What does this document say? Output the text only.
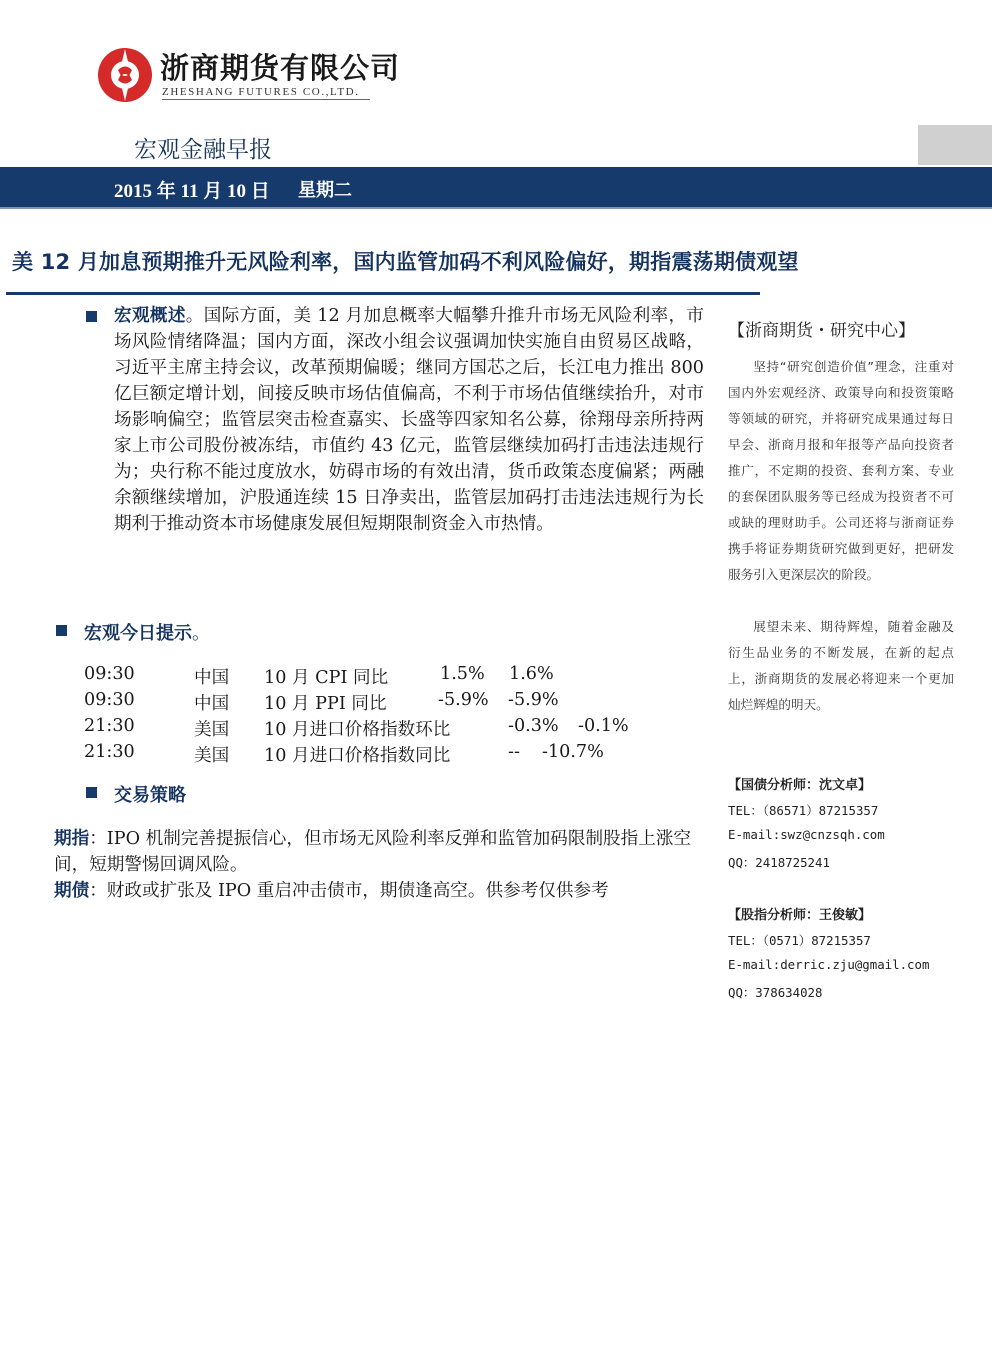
浙商期货有限公司
ZHESHANG FUTURES CO.,LTD.
宏观金融早报
2015 年 11 月 10 日 星期二
美 12 月加息预期推升无风险利率，国内监管加码不利风险偏好，期指震荡期债观望
宏观概述。国际方面，美 12 月加息概率大幅攀升推升市场无风险利率，市场风险情绪降温；国内方面，深改小组会议强调加快实施自由贸易区战略，习近平主席主持会议，改革预期偏暖；继同方国芯之后，长江电力推出 800 亿巨额定增计划，间接反映市场估值偏高，不利于市场估值继续抬升，对市场影响偏空；监管层突击检查嘉实、长盛等四家知名公募，徐翔母亲所持两家上市公司股份被冻结，市值约 43 亿元，监管层继续加码打击违法违规行为；央行称不能过度放水，妨碍市场的有效出清，货币政策态度偏紧；两融余额继续增加，沪股通连续 15 日净卖出，监管层加码打击违法违规行为长期利于推动资本市场健康发展但短期限制资金入市热情。
宏观今日提示。
09:30	中国 10 月 CPI 同比	1.5% 1.6%
09:30	中国 10 月 PPI 同比	-5.9% -5.9%
21:30	美国 10 月进口价格指数环比	-0.3% -0.1%
21:30	美国 10 月进口价格指数同比	-- -10.7%
交易策略
期指：IPO 机制完善提振信心，但市场无风险利率反弹和监管加码限制股指上涨空间，短期警惕回调风险。
期债：财政或扩张及 IPO 重启冲击债市，期债逢高空。供参考仅供参考
【浙商期货・研究中心】
坚持“研究创造价值”理念，注重对国内外宏观经济、政策导向和投资策略等领域的研究，并将研究成果通过每日早会、浙商月报和年报等产品向投资者推广，不定期的投资、套利方案、专业的套保团队服务等已经成为投资者不可或缺的理财助手。公司还将与浙商证券携手将证券期货研究做到更好，把研发服务引入更深层次的阶段。
展望未来、期待辉煌，随着金融及衍生品业务的不断发展，在新的起点上，浙商期货的发展必将迎来一个更加灿烂辉煌的明天。
【国债分析师：沈文卓】
TEL：（86571）87215357
E-mail:swz@cnzsqh.com
QQ：2418725241
【股指分析师：王俊敏】
TEL：（0571）87215357
E-mail:derric.zju@gmail.com
QQ：378634028
